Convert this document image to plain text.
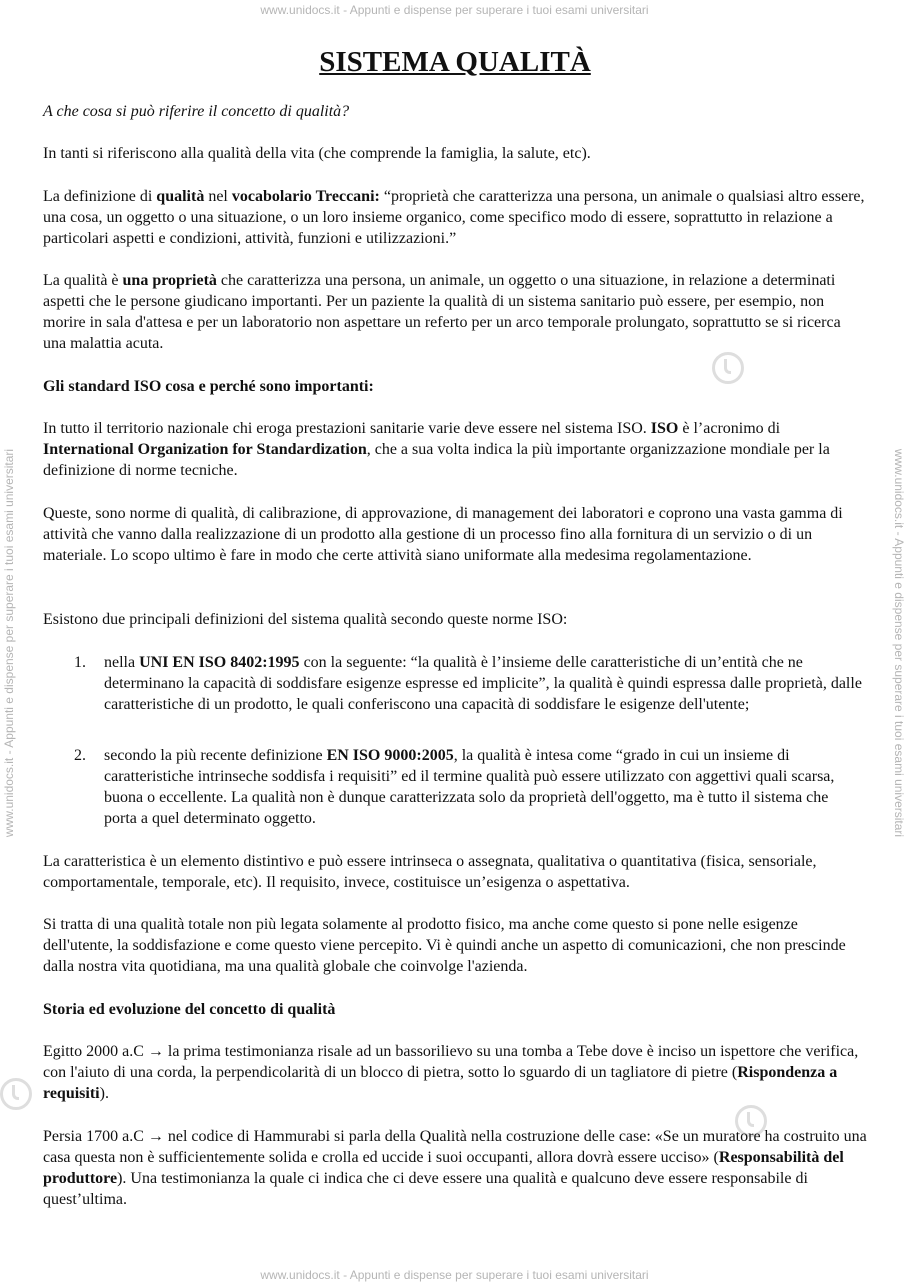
www.unidocs.it - Appunti e dispense per superare i tuoi esami universitari
www.unidocs.it - Appunti e dispense per superare i tuoi esami universitari
www.unidocs.it - Appunti e dispense per superare i tuoi esami universitari	www.unidocs.it - Appunti e dispense per superare i tuoi esami universitari
SISTEMA QUALITÀ

A che cosa si può riferire il concetto di qualità?

In tanti si riferiscono alla qualità della vita (che comprende la famiglia, la salute, etc).

La definizione di qualità nel vocabolario Treccani: “proprietà che caratterizza una persona, un animale o qualsiasi altro essere, una cosa, un oggetto o una situazione, o un loro insieme organico, come specifico modo di essere, soprattutto in relazione a particolari aspetti e condizioni, attività, funzioni e utilizzazioni.”

La qualità è una proprietà che caratterizza una persona, un animale, un oggetto o una situazione, in relazione a determinati aspetti che le persone giudicano importanti. Per un paziente la qualità di un sistema sanitario può essere, per esempio, non morire in sala d'attesa e per un laboratorio non aspettare un referto per un arco temporale prolungato, soprattutto se si ricerca una malattia acuta.

Gli standard ISO cosa e perché sono importanti:

In tutto il territorio nazionale chi eroga prestazioni sanitarie varie deve essere nel sistema ISO. ISO è l’acronimo di International Organization for Standardization, che a sua volta indica la più importante organizzazione mondiale per la definizione di norme tecniche.

Queste, sono norme di qualità, di calibrazione, di approvazione, di management dei laboratori e coprono una vasta gamma di attività che vanno dalla realizzazione di un prodotto alla gestione di un processo fino alla fornitura di un servizio o di un materiale. Lo scopo ultimo è fare in modo che certe attività siano uniformate alla medesima regolamentazione.

Esistono due principali definizioni del sistema qualità secondo queste norme ISO:

1. nella UNI EN ISO 8402:1995 con la seguente: “la qualità è l’insieme delle caratteristiche di un’entità che ne determinano la capacità di soddisfare esigenze espresse ed implicite”, la qualità è quindi espressa dalle proprietà, dalle caratteristiche di un prodotto, le quali conferiscono una capacità di soddisfare le esigenze dell'utente;
2. secondo la più recente definizione EN ISO 9000:2005, la qualità è intesa come “grado in cui un insieme di caratteristiche intrinseche soddisfa i requisiti” ed il termine qualità può essere utilizzato con aggettivi quali scarsa, buona o eccellente. La qualità non è dunque caratterizzata solo da proprietà dell'oggetto, ma è tutto il sistema che porta a quel determinato oggetto.

La caratteristica è un elemento distintivo e può essere intrinseca o assegnata, qualitativa o quantitativa (fisica, sensoriale, comportamentale, temporale, etc). Il requisito, invece, costituisce un’esigenza o aspettativa.

Si tratta di una qualità totale non più legata solamente al prodotto fisico, ma anche come questo si pone nelle esigenze dell'utente, la soddisfazione e come questo viene percepito. Vi è quindi anche un aspetto di comunicazioni, che non prescinde dalla nostra vita quotidiana, ma una qualità globale che coinvolge l'azienda.

Storia ed evoluzione del concetto di qualità

Egitto 2000 a.C → la prima testimonianza risale ad un bassorilievo su una tomba a Tebe dove è inciso un ispettore che verifica, con l'aiuto di una corda, la perpendicolarità di un blocco di pietra, sotto lo sguardo di un tagliatore di pietre (Rispondenza a requisiti).

Persia 1700 a.C → nel codice di Hammurabi si parla della Qualità nella costruzione delle case: «Se un muratore ha costruito una casa questa non è sufficientemente solida e crolla ed uccide i suoi occupanti, allora dovrà essere ucciso» (Responsabilità del produttore). Una testimonianza la quale ci indica che ci deve essere una qualità e qualcuno deve essere responsabile di quest’ultima.
